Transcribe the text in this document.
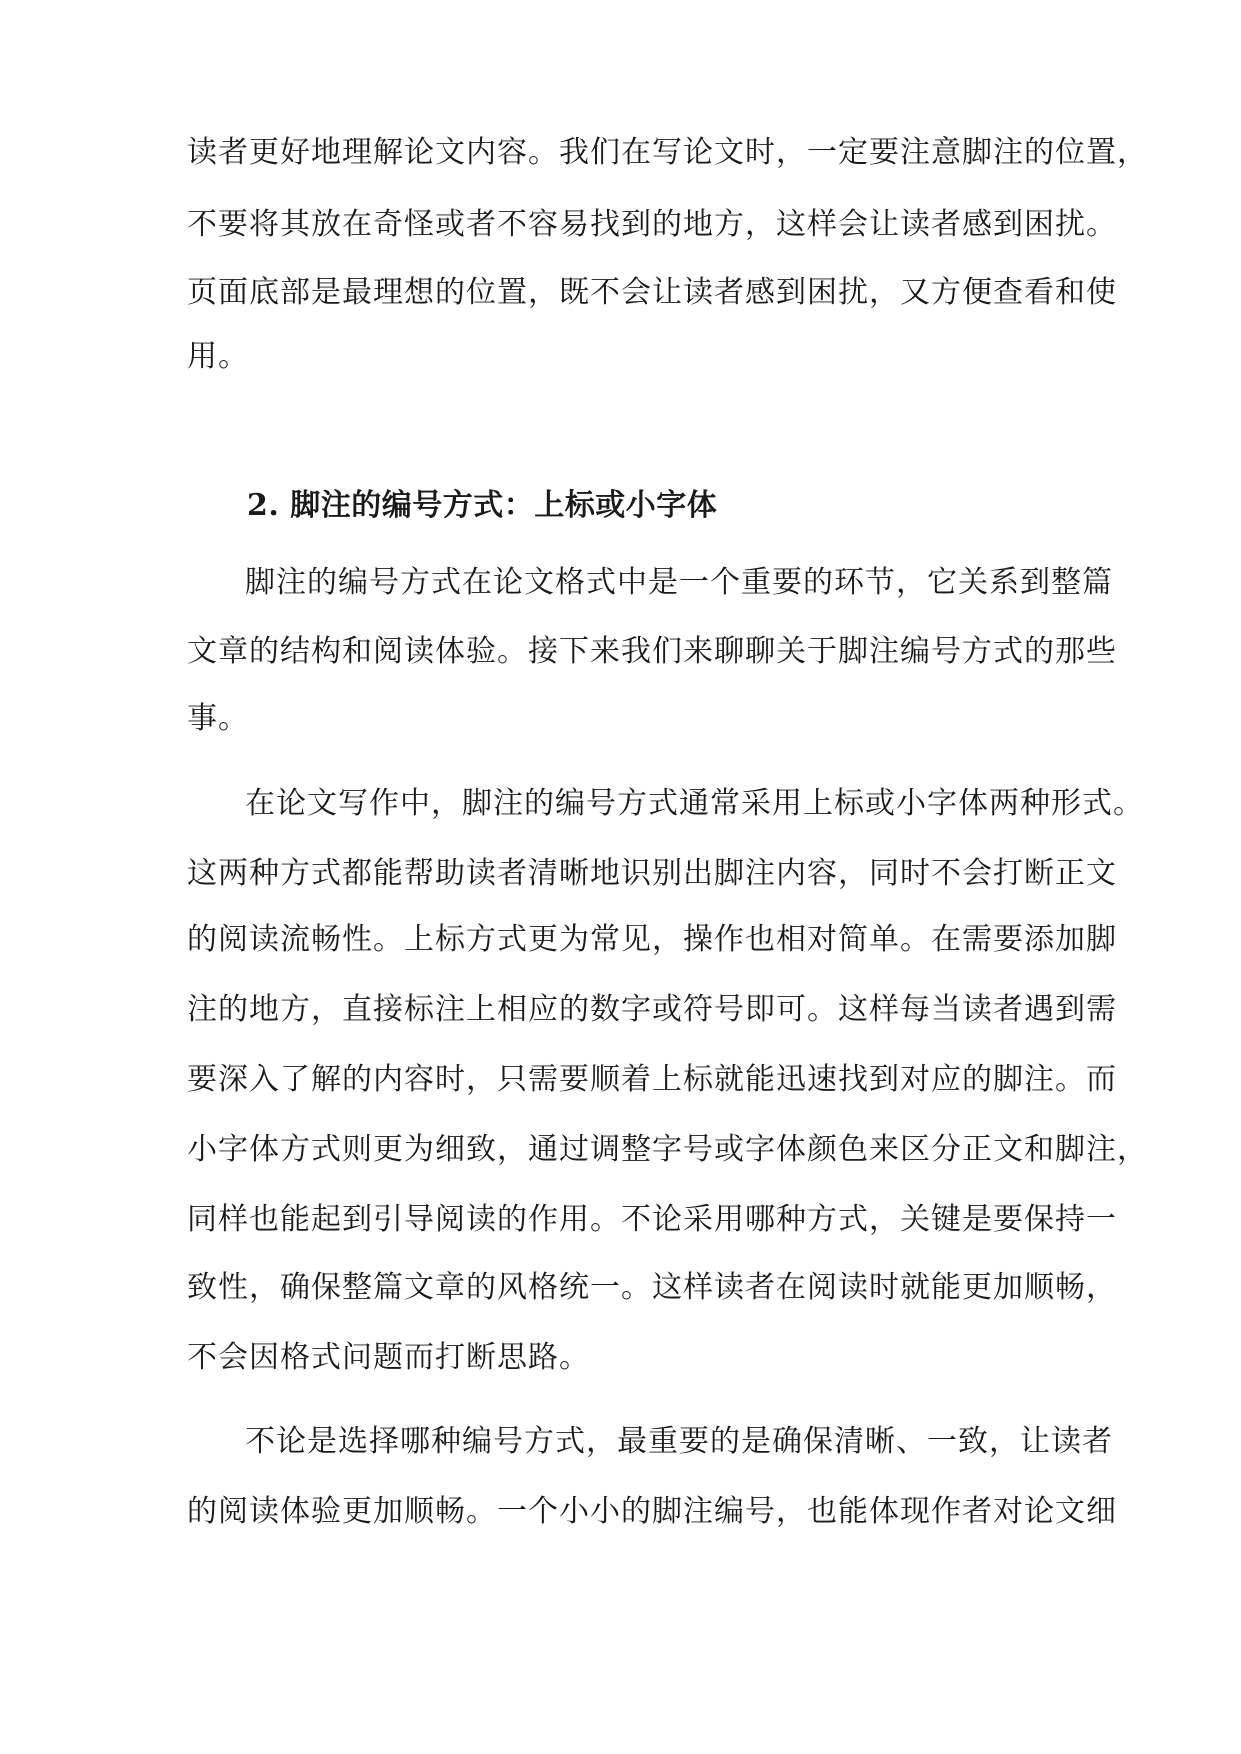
读者更好地理解论文内容。我们在写论文时，一定要注意脚注的位置，
不要将其放在奇怪或者不容易找到的地方，这样会让读者感到困扰。
页面底部是最理想的位置，既不会让读者感到困扰，又方便查看和使
用。
2. 脚注的编号方式：上标或小字体
脚注的编号方式在论文格式中是一个重要的环节，它关系到整篇
文章的结构和阅读体验。接下来我们来聊聊关于脚注编号方式的那些
事。
在论文写作中，脚注的编号方式通常采用上标或小字体两种形式。
这两种方式都能帮助读者清晰地识别出脚注内容，同时不会打断正文
的阅读流畅性。上标方式更为常见，操作也相对简单。在需要添加脚
注的地方，直接标注上相应的数字或符号即可。这样每当读者遇到需
要深入了解的内容时，只需要顺着上标就能迅速找到对应的脚注。而
小字体方式则更为细致，通过调整字号或字体颜色来区分正文和脚注，
同样也能起到引导阅读的作用。不论采用哪种方式，关键是要保持一
致性，确保整篇文章的风格统一。这样读者在阅读时就能更加顺畅，
不会因格式问题而打断思路。
不论是选择哪种编号方式，最重要的是确保清晰、一致，让读者
的阅读体验更加顺畅。一个小小的脚注编号，也能体现作者对论文细
